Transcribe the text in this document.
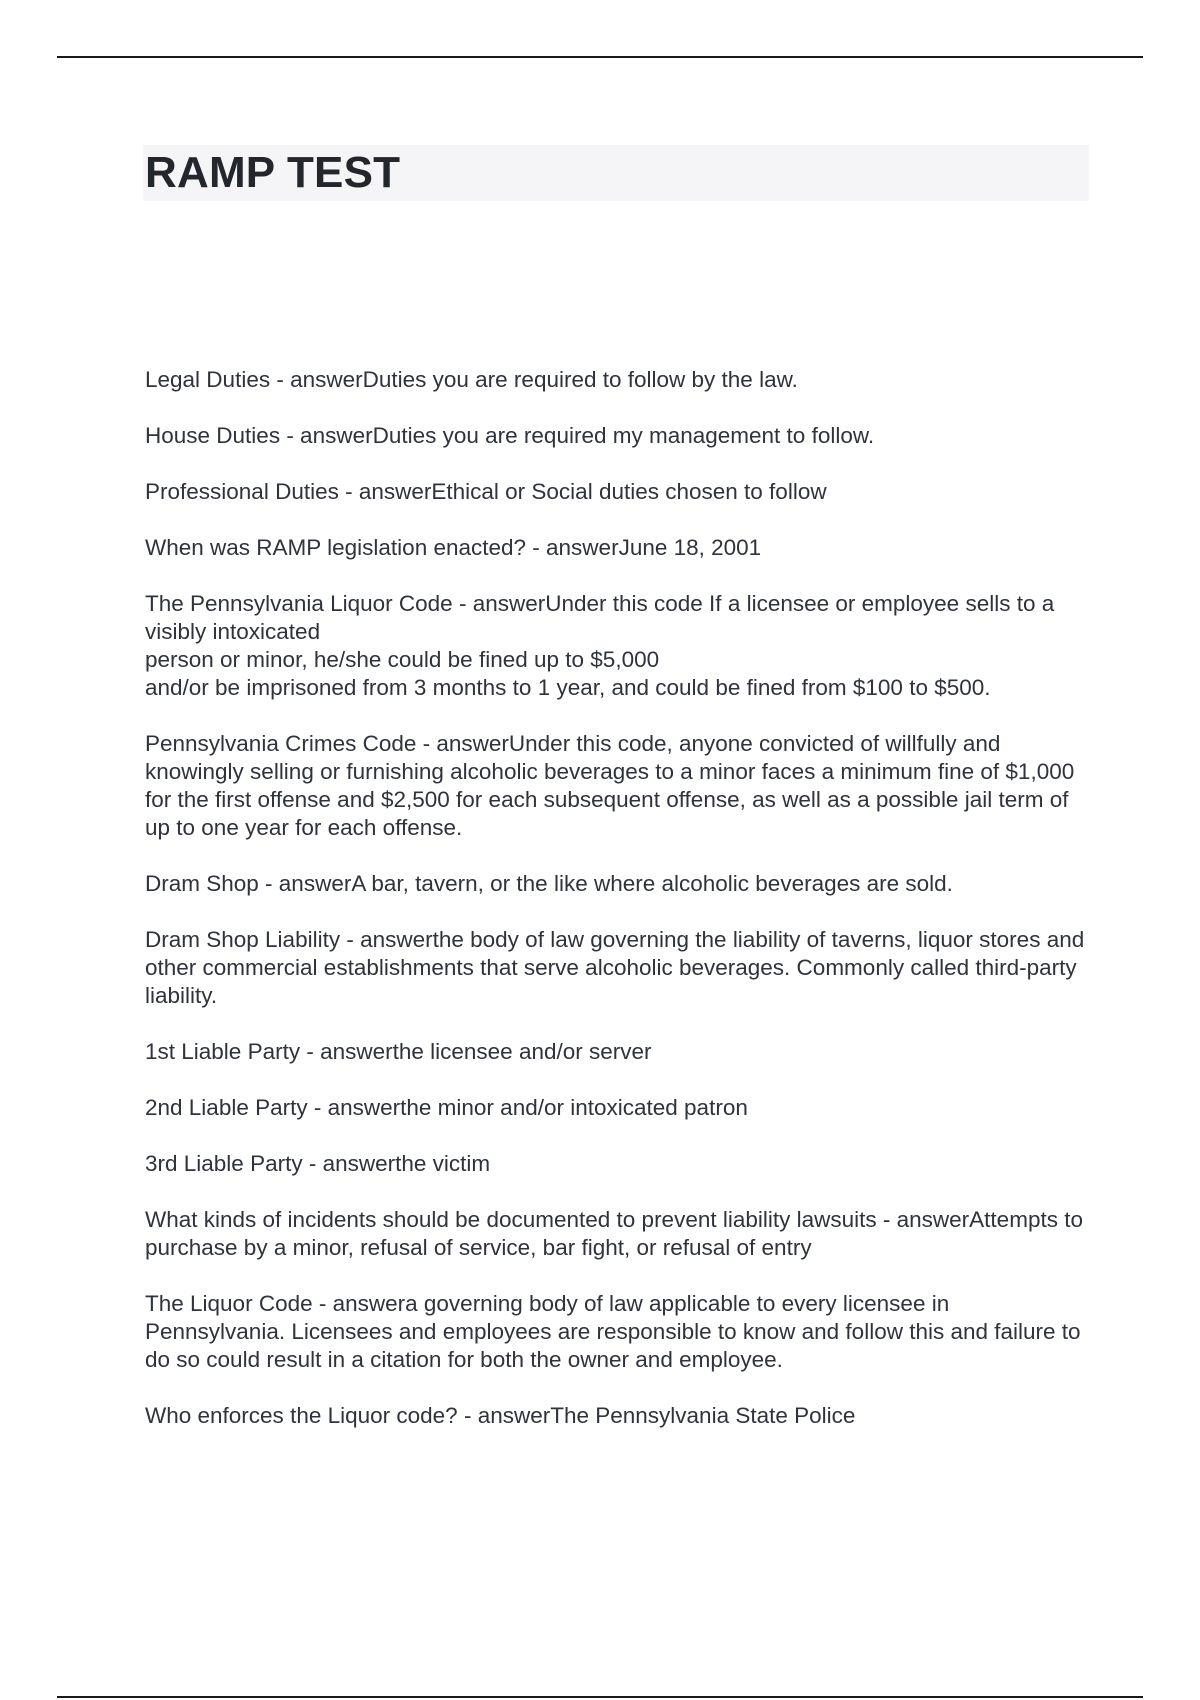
RAMP TEST
Legal Duties - answerDuties you are required to follow by the law.
House Duties - answerDuties you are required my management to follow.
Professional Duties - answerEthical or Social duties chosen to follow
When was RAMP legislation enacted? - answerJune 18, 2001
The Pennsylvania Liquor Code - answerUnder this code If a licensee or employee sells to a visibly intoxicated
person or minor, he/she could be fined up to $5,000
and/or be imprisoned from 3 months to 1 year, and could be fined from $100 to $500.
Pennsylvania Crimes Code - answerUnder this code, anyone convicted of willfully and knowingly selling or furnishing alcoholic beverages to a minor faces a minimum fine of $1,000 for the first offense and $2,500 for each subsequent offense, as well as a possible jail term of up to one year for each offense.
Dram Shop - answerA bar, tavern, or the like where alcoholic beverages are sold.
Dram Shop Liability - answerthe body of law governing the liability of taverns, liquor stores and other commercial establishments that serve alcoholic beverages. Commonly called third-party liability.
1st Liable Party - answerthe licensee and/or server
2nd Liable Party - answerthe minor and/or intoxicated patron
3rd Liable Party - answerthe victim
What kinds of incidents should be documented to prevent liability lawsuits - answerAttempts to purchase by a minor, refusal of service, bar fight, or refusal of entry
The Liquor Code - answera governing body of law applicable to every licensee in Pennsylvania. Licensees and employees are responsible to know and follow this and failure to do so could result in a citation for both the owner and employee.
Who enforces the Liquor code? - answerThe Pennsylvania State Police
